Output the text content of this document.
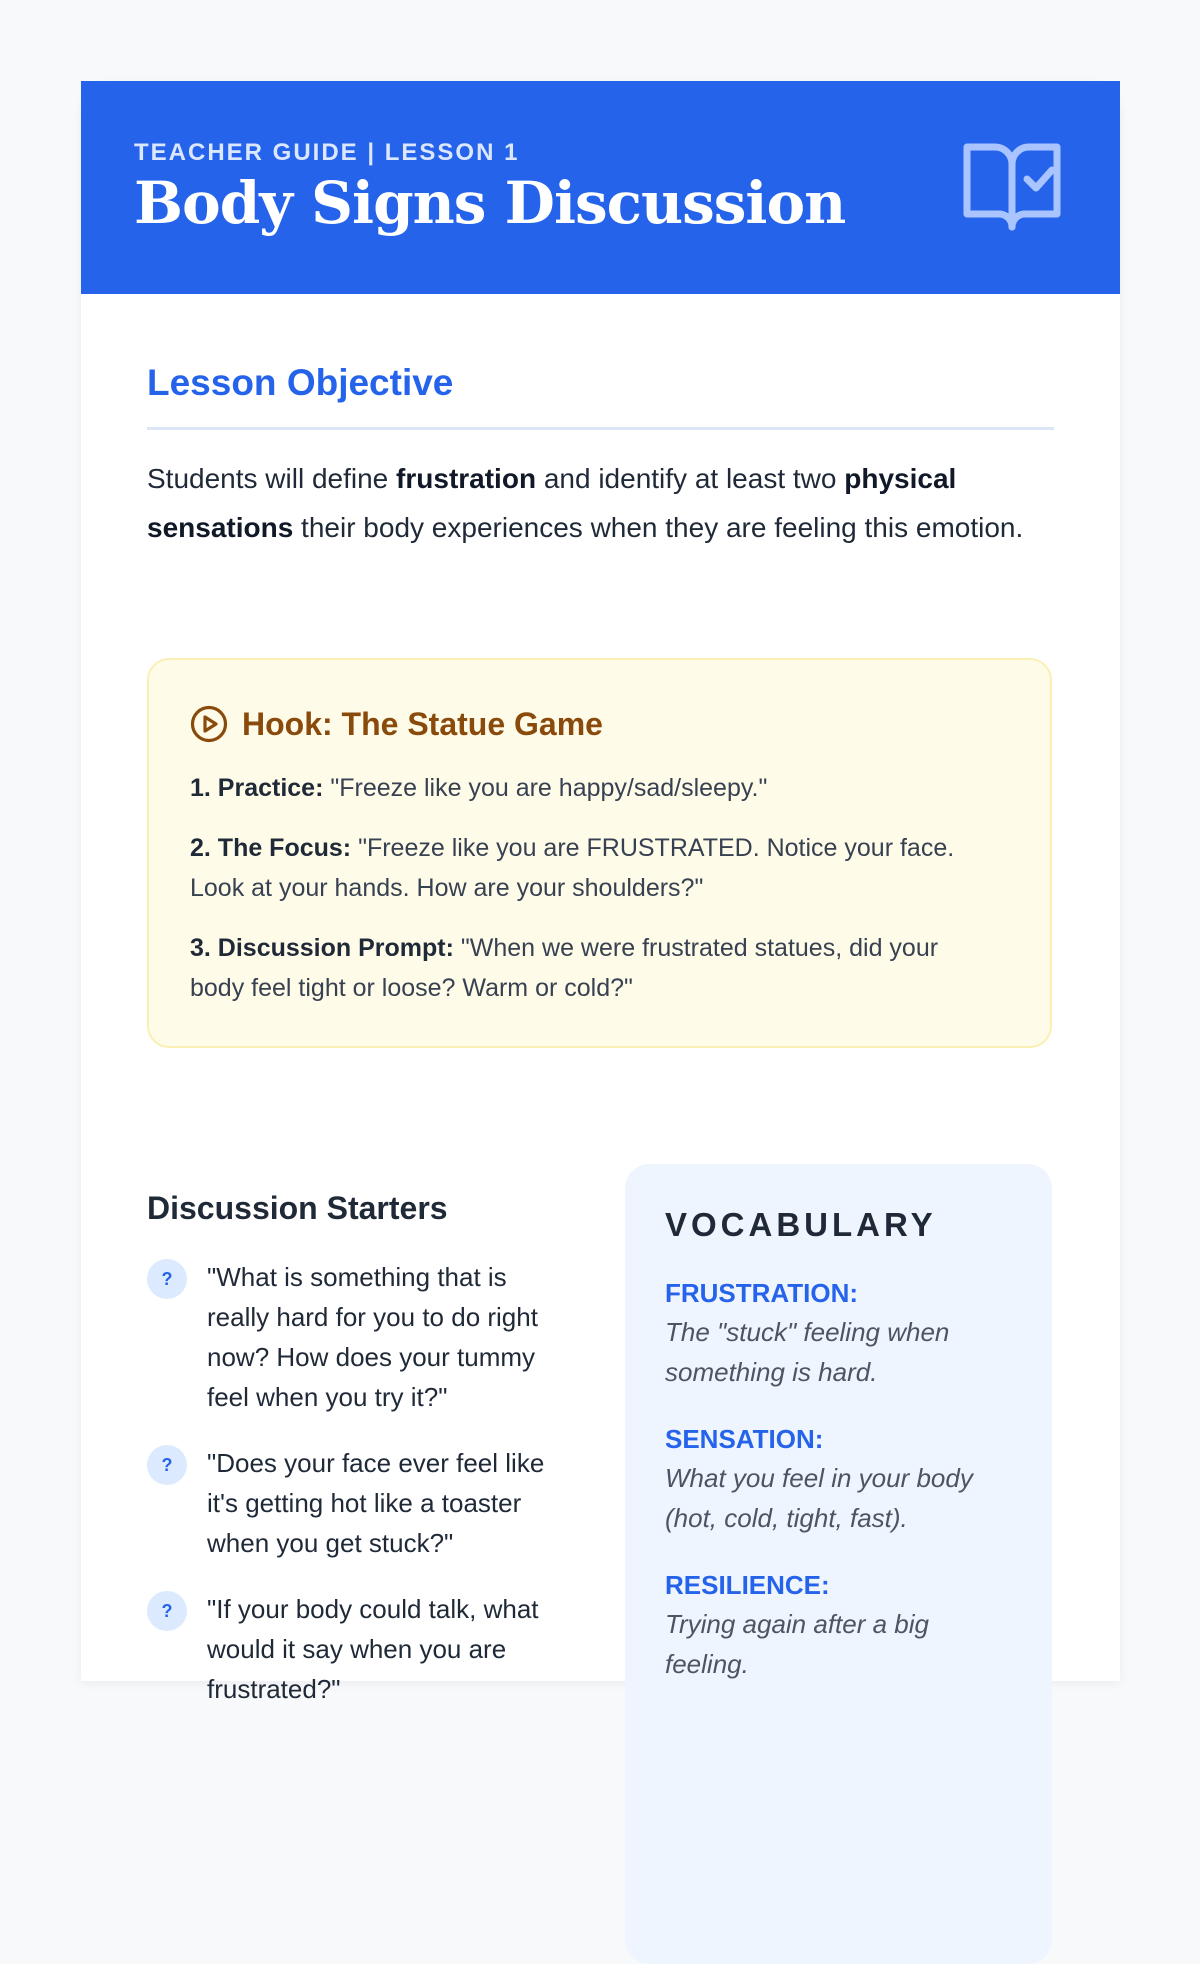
TEACHER GUIDE | LESSON 1
Body Signs Discussion
Lesson Objective
Students will define frustration and identify at least two physical sensations their body experiences when they are feeling this emotion.
Hook: The Statue Game
1. Practice: "Freeze like you are happy/sad/sleepy."
2. The Focus: "Freeze like you are FRUSTRATED. Notice your face. Look at your hands. How are your shoulders?"
3. Discussion Prompt: "When we were frustrated statues, did your body feel tight or loose? Warm or cold?"
Discussion Starters
?	"What is something that is really hard for you to do right now? How does your tummy feel when you try it?"
?	"Does your face ever feel like it's getting hot like a toaster when you get stuck?"
?	"If your body could talk, what would it say when you are frustrated?"
VOCABULARY
FRUSTRATION:
The "stuck" feeling when something is hard.
SENSATION:
What you feel in your body (hot, cold, tight, fast).
RESILIENCE:
Trying again after a big feeling.
